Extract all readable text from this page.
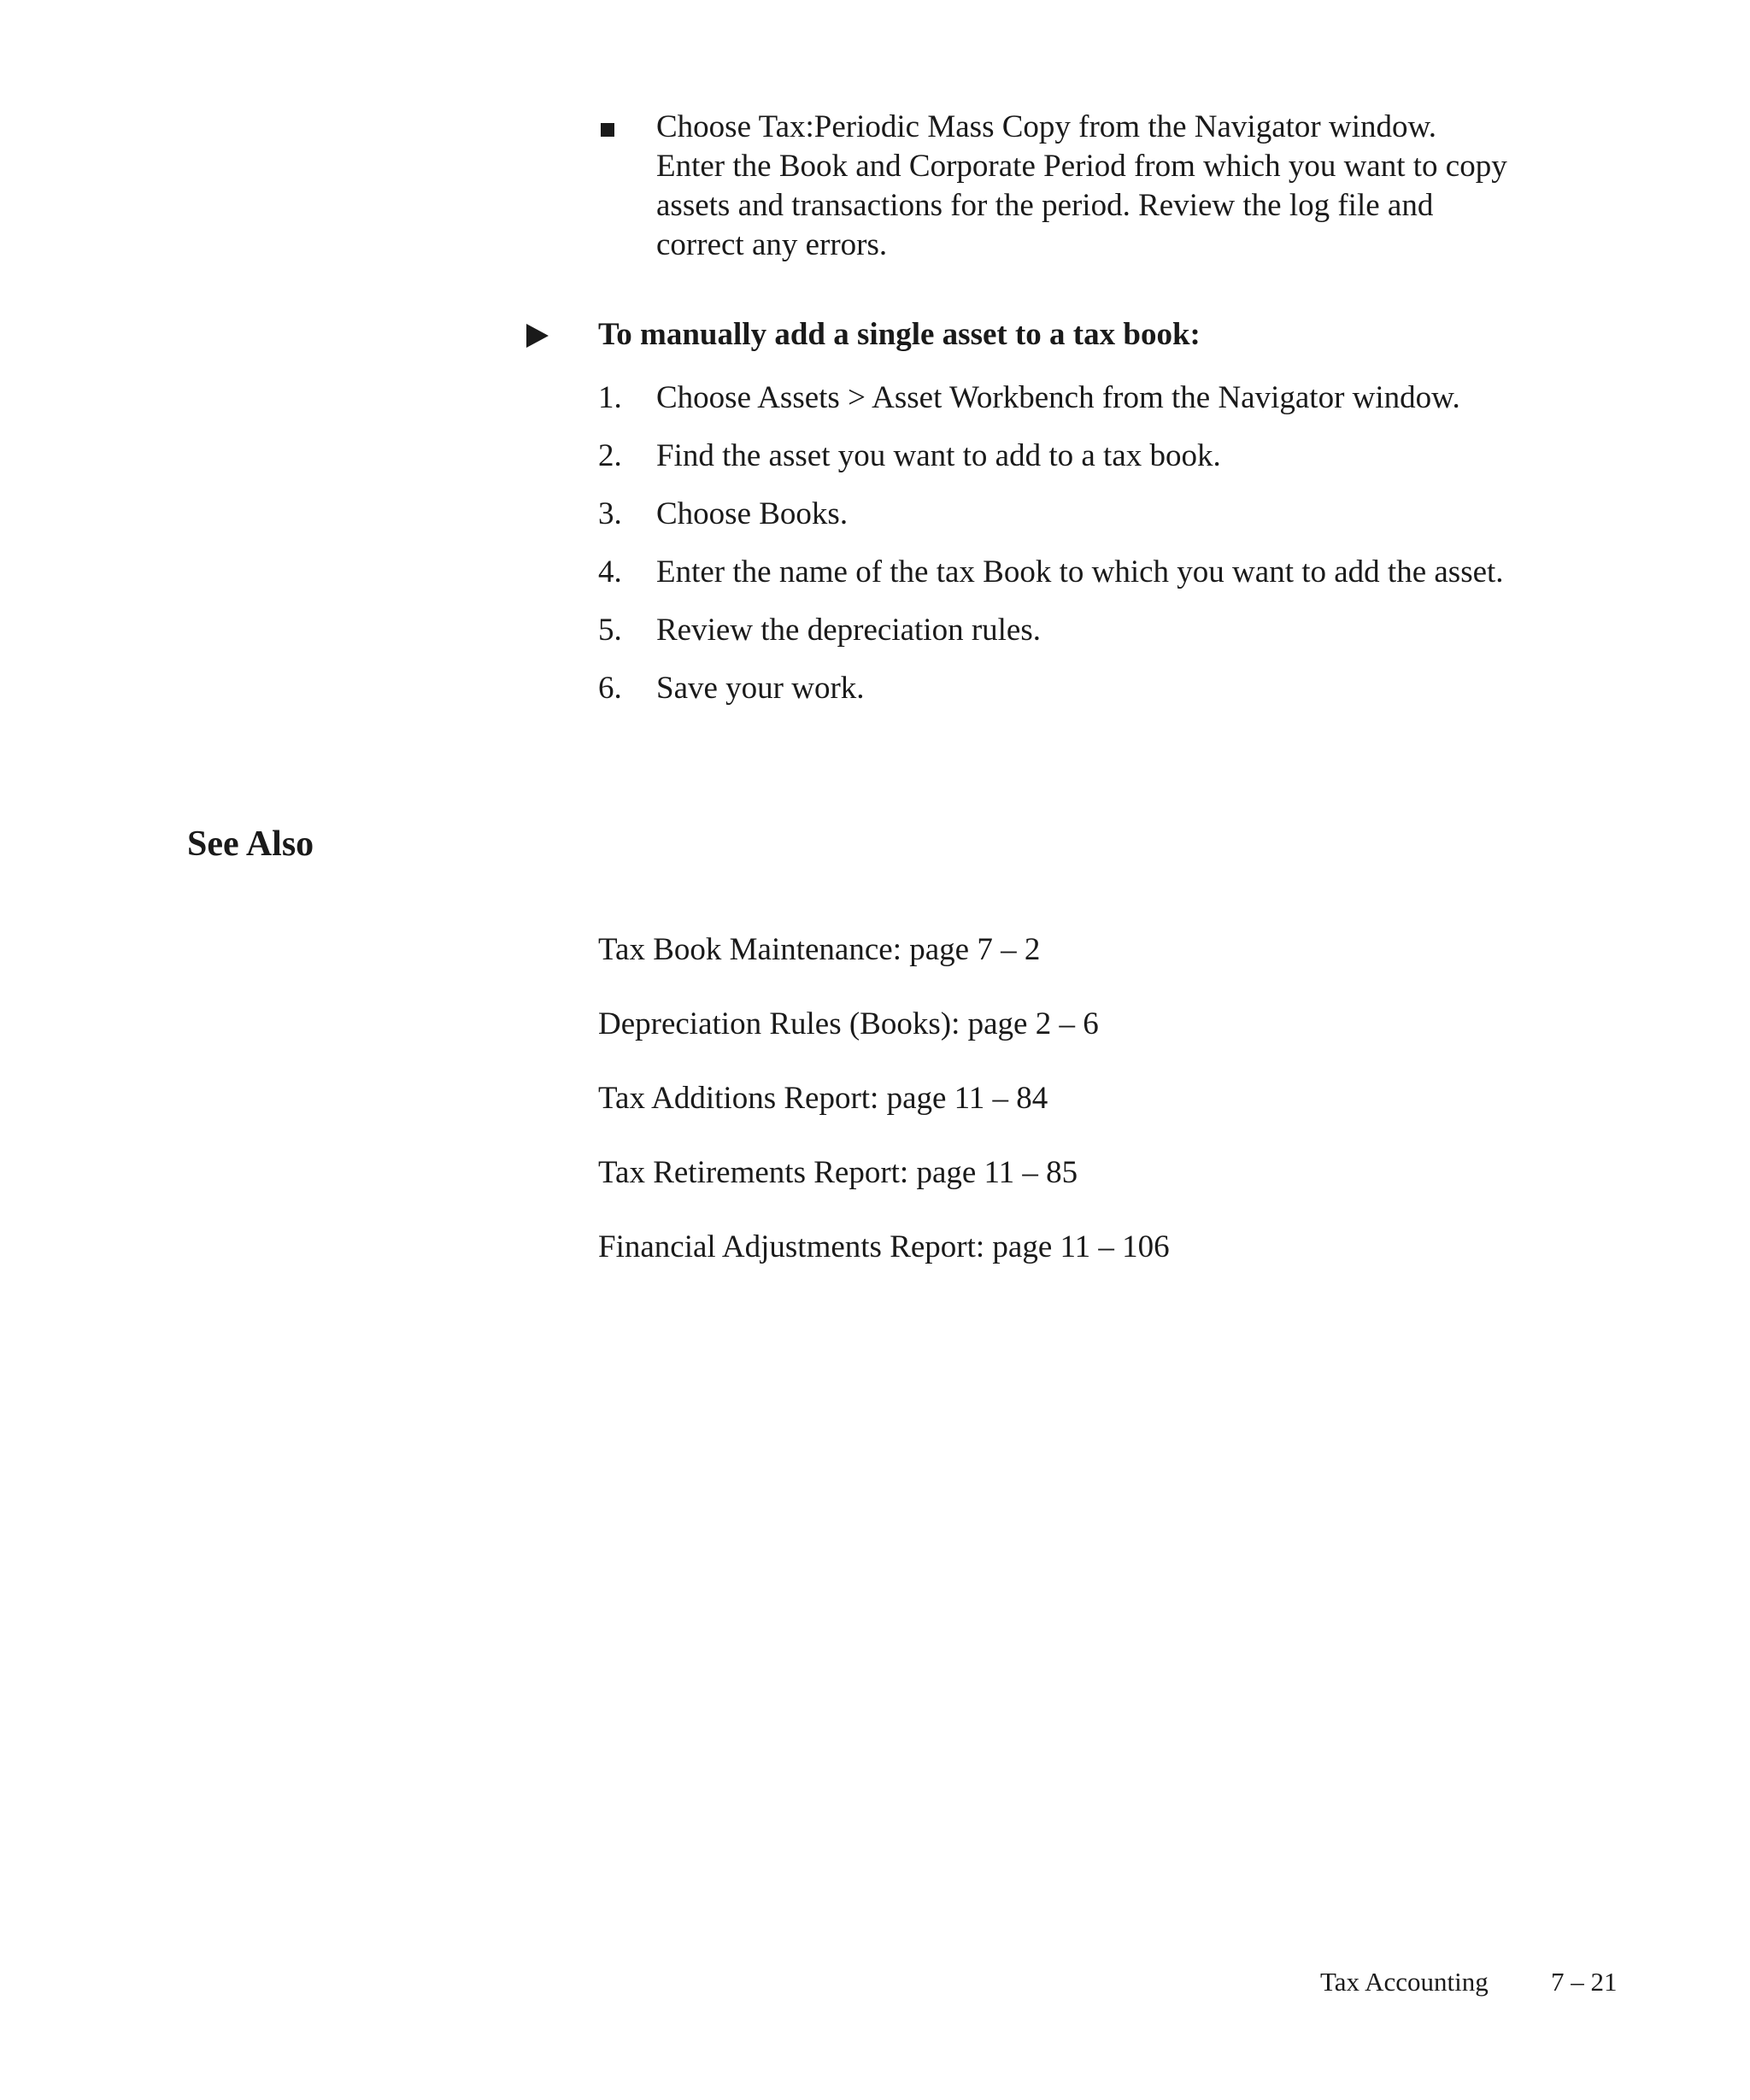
Choose Tax:Periodic Mass Copy from the Navigator window.
Enter the Book and Corporate Period from which you want to copy
assets and transactions for the period. Review the log file and
correct any errors.
To manually add a single asset to a tax book:
1. Choose Assets > Asset Workbench from the Navigator window.
2. Find the asset you want to add to a tax book.
3. Choose Books.
4. Enter the name of the tax Book to which you want to add the asset.
5. Review the depreciation rules.
6. Save your work.
See Also
Tax Book Maintenance: page 7 – 2
Depreciation Rules (Books): page 2 – 6
Tax Additions Report: page 11 – 84
Tax Retirements Report: page 11 – 85
Financial Adjustments Report: page 11 – 106
Tax Accounting 7 – 21
